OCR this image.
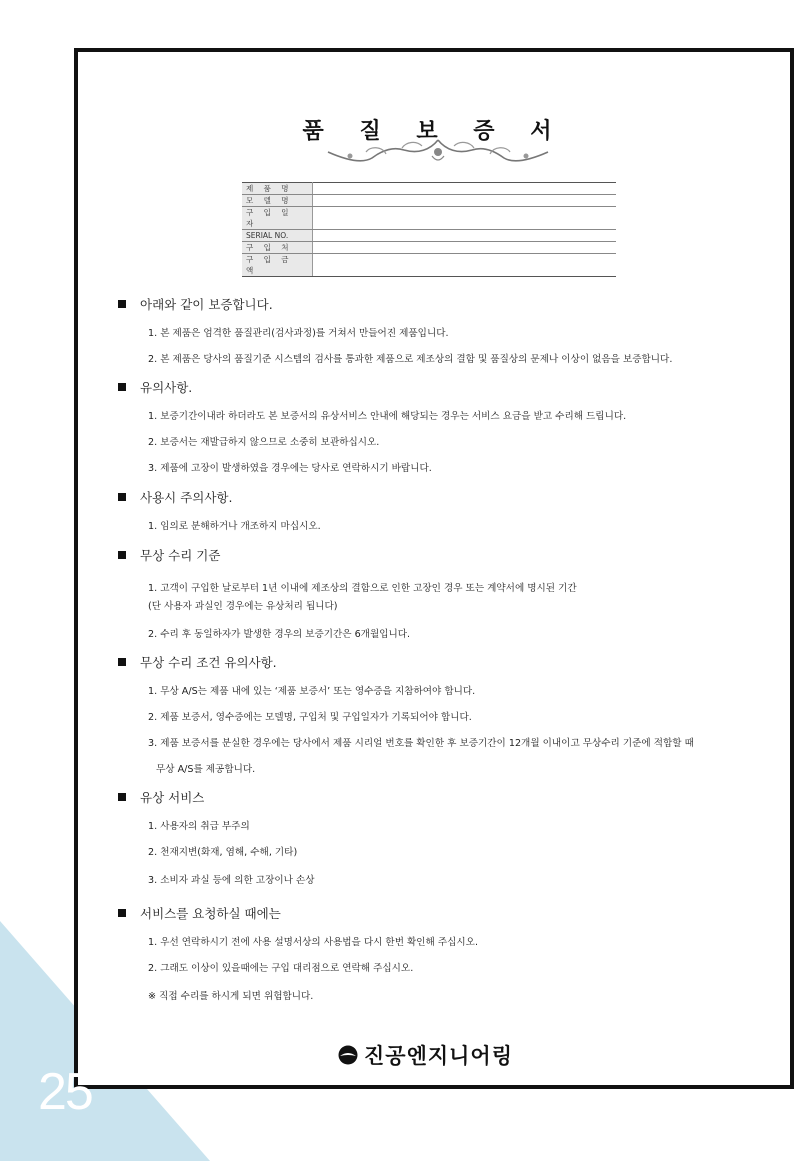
25
품 질 보 증 서
제 품 명	
모 델 명	
구 입 일 자	
SERIAL NO.	
구 입 처	
구 입 금 액	
아래와 같이 보증합니다.
1. 본 제품은 엄격한 품질관리(검사과정)를 거쳐서 만들어진 제품입니다.
2. 본 제품은 당사의 품질기준 시스템의 검사를 통과한 제품으로 제조상의 결함 및 품질상의 문제나 이상이 없음을 보증합니다.
유의사항.
1. 보증기간이내라 하더라도 본 보증서의 유상서비스 안내에 해당되는 경우는 서비스 요금을 받고 수리해 드립니다.
2. 보증서는 재발급하지 않으므로 소중히 보관하십시오.
3. 제품에 고장이 발생하였을 경우에는 당사로 연락하시기 바랍니다.
사용시 주의사항.
1. 임의로 분해하거나 개조하지 마십시오.
무상 수리 기준
1. 고객이 구입한 날로부터 1년 이내에 제조상의 결함으로 인한 고장인 경우 또는 계약서에 명시된 기간
(단 사용자 과실인 경우에는 유상처리 됩니다)
2. 수리 후 동일하자가 발생한 경우의 보증기간은 6개월입니다.
무상 수리 조건 유의사항.
1. 무상 A/S는 제품 내에 있는 ‘제품 보증서’ 또는 영수증을 지참하여야 합니다.
2. 제품 보증서, 영수증에는 모델명, 구입처 및 구입일자가 기록되어야 합니다.
3. 제품 보증서를 분실한 경우에는 당사에서 제품 시리얼 번호를 확인한 후 보증기간이 12개월 이내이고 무상수리 기준에 적합할 때
무상 A/S를 제공합니다.
유상 서비스
1. 사용자의 취급 부주의
2. 천재지변(화재, 염해, 수해, 기타)
3. 소비자 과실 등에 의한 고장이나 손상
서비스를 요청하실 때에는
1. 우선 연락하시기 전에 사용 설명서상의 사용법을 다시 한번 확인해 주십시오.
2. 그래도 이상이 있을때에는 구입 대리점으로 연락해 주십시오.
※ 직접 수리를 하시게 되면 위험합니다.
진공엔지니어링
